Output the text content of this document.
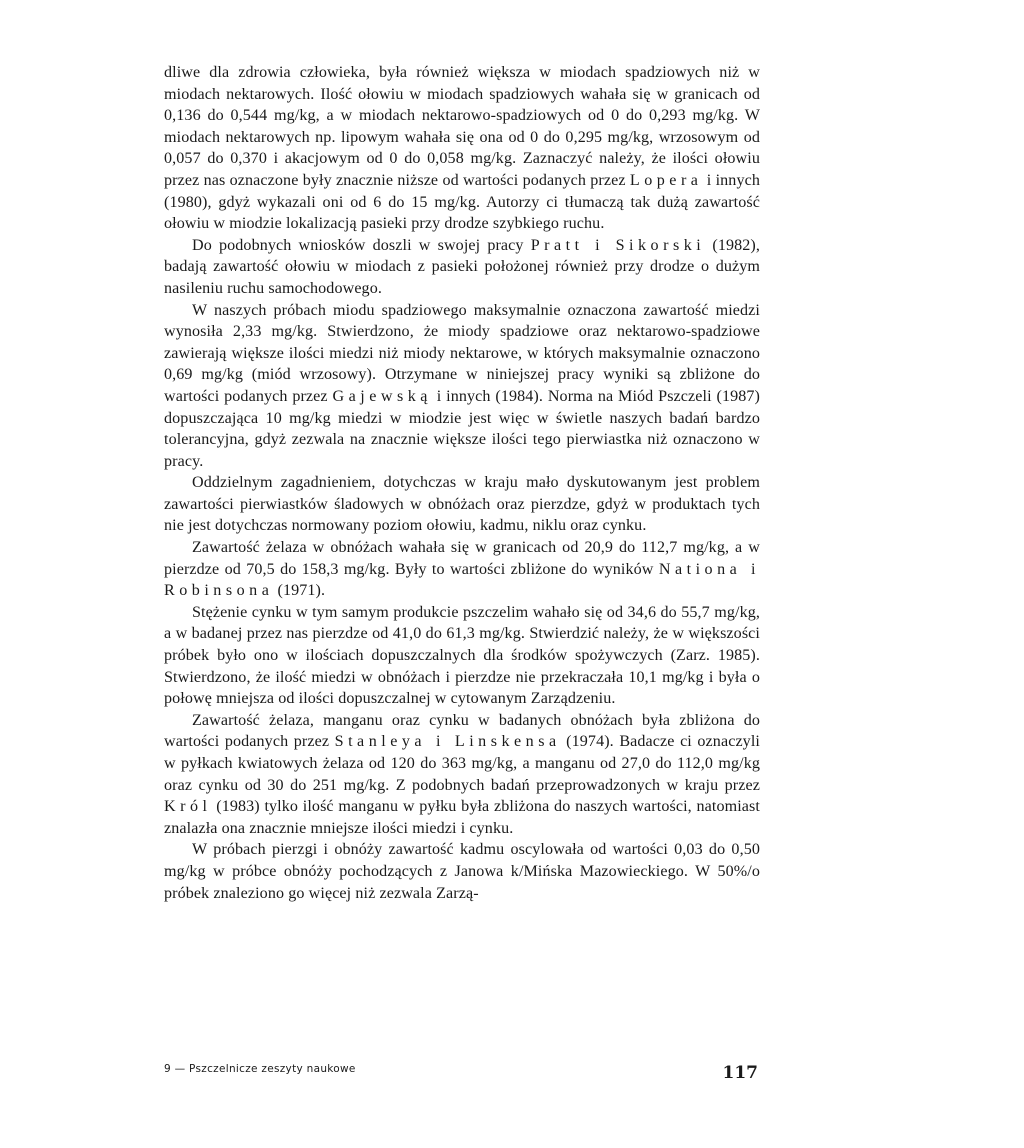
dliwe dla zdrowia człowieka, była również większa w miodach spadziowych niż w miodach nektarowych. Ilość ołowiu w miodach spadziowych wahała się w granicach od 0,136 do 0,544 mg/kg, a w miodach nektarowo-spadziowych od 0 do 0,293 mg/kg. W miodach nektarowych np. lipowym wahała się ona od 0 do 0,295 mg/kg, wrzosowym od 0,057 do 0,370 i akacjowym od 0 do 0,058 mg/kg. Zaznaczyć należy, że ilości ołowiu przez nas oznaczone były znacznie niższe od wartości podanych przez Lopera i innych (1980), gdyż wykazali oni od 6 do 15 mg/kg. Autorzy ci tłumaczą tak dużą zawartość ołowiu w miodzie lokalizacją pasieki przy drodze szybkiego ruchu.

Do podobnych wniosków doszli w swojej pracy Pratt i Sikorski (1982), badają zawartość ołowiu w miodach z pasieki położonej również przy drodze o dużym nasileniu ruchu samochodowego.

W naszych próbach miodu spadziowego maksymalnie oznaczona zawartość miedzi wynosiła 2,33 mg/kg. Stwierdzono, że miody spadziowe oraz nektarowo-spadziowe zawierają większe ilości miedzi niż miody nektarowe, w których maksymalnie oznaczono 0,69 mg/kg (miód wrzosowy). Otrzymane w niniejszej pracy wyniki są zbliżone do wartości podanych przez Gajewską i innych (1984). Norma na Miód Pszczeli (1987) dopuszczająca 10 mg/kg miedzi w miodzie jest więc w świetle naszych badań bardzo tolerancyjna, gdyż zezwala na znacznie większe ilości tego pierwiastka niż oznaczono w pracy.

Oddzielnym zagadnieniem, dotychczas w kraju mało dyskutowanym jest problem zawartości pierwiastków śladowych w obnóżach oraz pierzdze, gdyż w produktach tych nie jest dotychczas normowany poziom ołowiu, kadmu, niklu oraz cynku.

Zawartość żelaza w obnóżach wahała się w granicach od 20,9 do 112,7 mg/kg, a w pierzdze od 70,5 do 158,3 mg/kg. Były to wartości zbliżone do wyników Nationa i Robinsona (1971).

Stężenie cynku w tym samym produkcie pszczelim wahało się od 34,6 do 55,7 mg/kg, a w badanej przez nas pierzdze od 41,0 do 61,3 mg/kg. Stwierdzić należy, że w większości próbek było ono w ilościach dopuszczalnych dla środków spożywczych (Zarz. 1985). Stwierdzono, że ilość miedzi w obnóżach i pierzdze nie przekraczała 10,1 mg/kg i była o połowę mniejsza od ilości dopuszczalnej w cytowanym Zarządzeniu.

Zawartość żelaza, manganu oraz cynku w badanych obnóżach była zbliżona do wartości podanych przez Stanleya i Linskensa (1974). Badacze ci oznaczyli w pyłkach kwiatowych żelaza od 120 do 363 mg/kg, a manganu od 27,0 do 112,0 mg/kg oraz cynku od 30 do 251 mg/kg. Z podobnych badań przeprowadzonych w kraju przez Król (1983) tylko ilość manganu w pyłku była zbliżona do naszych wartości, natomiast znalazła ona znacznie mniejsze ilości miedzi i cynku.

W próbach pierzgi i obnóży zawartość kadmu oscylowała od wartości 0,03 do 0,50 mg/kg w próbce obnóży pochodzących z Janowa k/Mińska Mazowieckiego. W 50%/o próbek znaleziono go więcej niż zezwala Zarzą-

9 — Pszczelnicze zeszyty naukowe	117
